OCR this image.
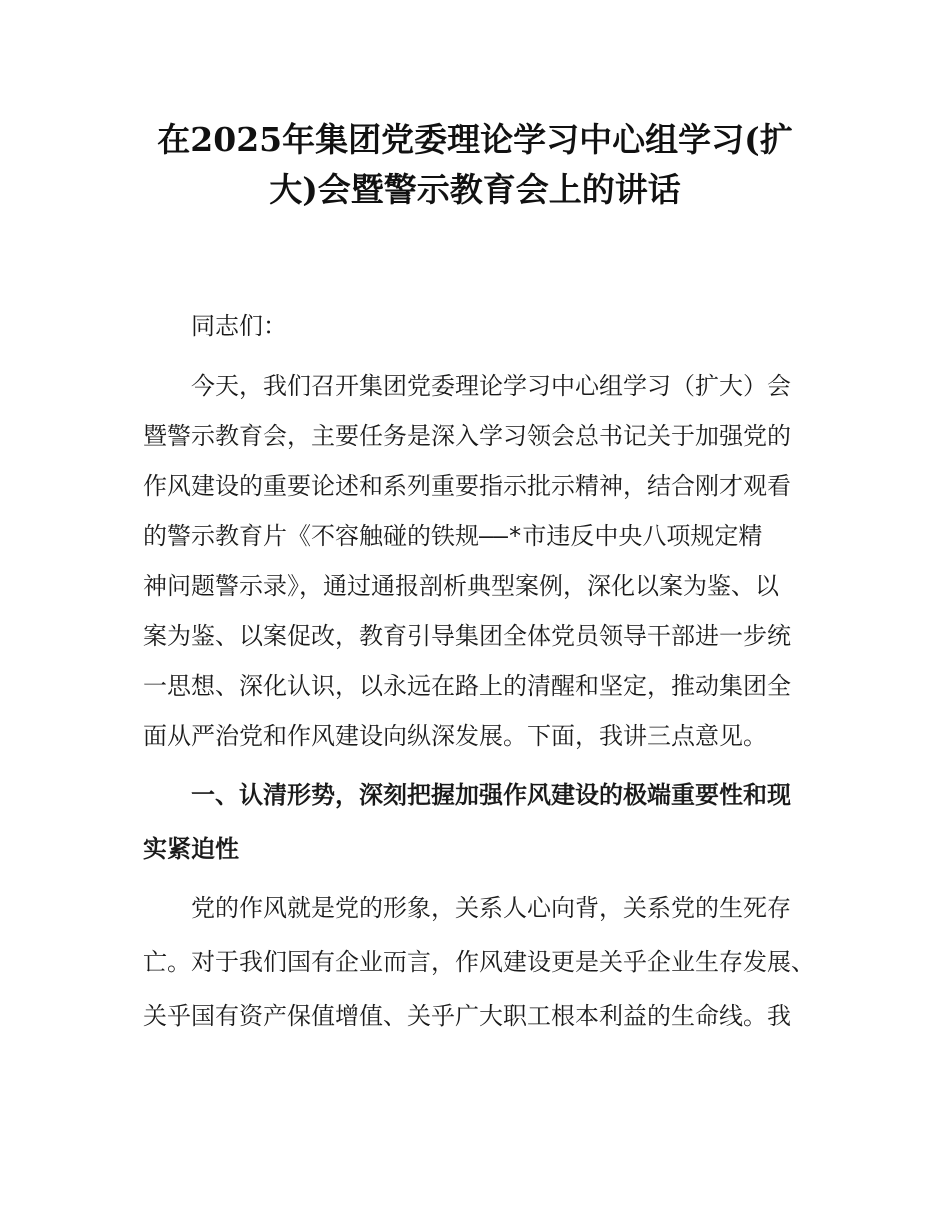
在2025年集团党委理论学习中心组学习(扩
大)会暨警示教育会上的讲话
同志们：
今天，我们召开集团党委理论学习中心组学习（扩大）会
暨警示教育会，主要任务是深入学习领会总书记关于加强党的
作风建设的重要论述和系列重要指示批示精神，结合刚才观看
的警示教育片《不容触碰的铁规——*市违反中央八项规定精
神问题警示录》，通过通报剖析典型案例，深化以案为鉴、以
案为鉴、以案促改，教育引导集团全体党员领导干部进一步统
一思想、深化认识，以永远在路上的清醒和坚定，推动集团全
面从严治党和作风建设向纵深发展。下面，我讲三点意见。
一、认清形势，深刻把握加强作风建设的极端重要性和现
实紧迫性
党的作风就是党的形象，关系人心向背，关系党的生死存
亡。对于我们国有企业而言，作风建设更是关乎企业生存发展、
关乎国有资产保值增值、关乎广大职工根本利益的生命线。我
